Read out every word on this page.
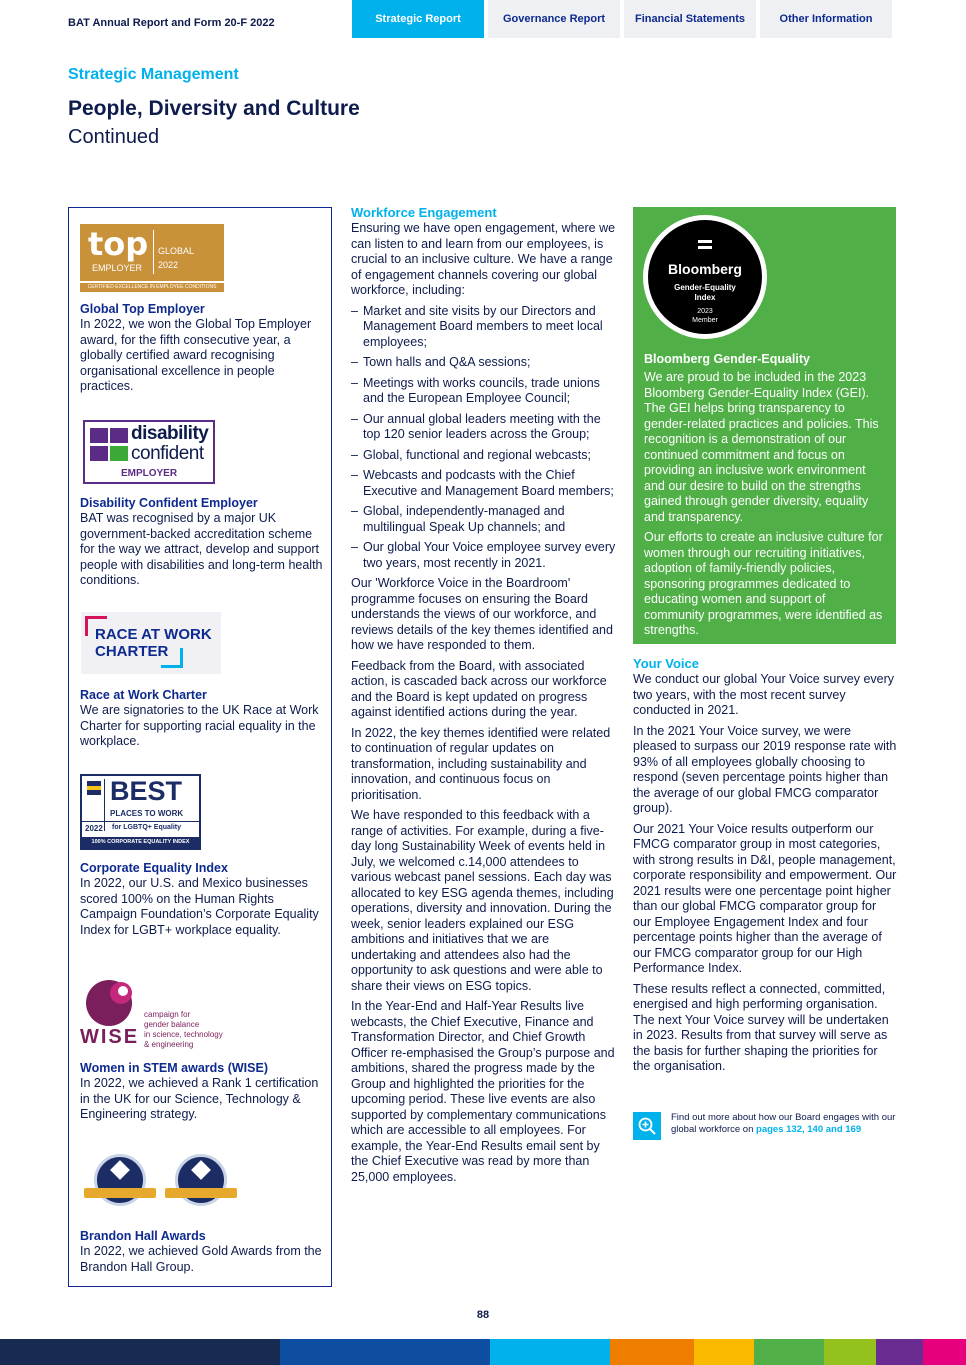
BAT Annual Report and Form 20-F 2022	Strategic Report	Governance Report	Financial Statements	Other Information
Strategic Management
People, Diversity and Culture
Continued
top
EMPLOYER
GLOBAL
2022
CERTIFIED EXCELLENCE IN EMPLOYEE CONDITIONS
Global Top Employer
In 2022, we won the Global Top Employer award, for the fifth consecutive year, a globally certified award recognising organisational excellence in people practices.
disability
confident
EMPLOYER
Disability Confident Employer
BAT was recognised by a major UK government-backed accreditation scheme for the way we attract, develop and support people with disabilities and long-term health conditions.
RACE AT WORK
CHARTER
Race at Work Charter
We are signatories to the UK Race at Work Charter for supporting racial equality in the workplace.
BEST
PLACES TO WORK
2022 for LGBTQ+ Equality
100% CORPORATE EQUALITY INDEX
Corporate Equality Index
In 2022, our U.S. and Mexico businesses scored 100% on the Human Rights Campaign Foundation’s Corporate Equality Index for LGBT+ workplace equality.
WISE
campaign for
gender balance
in science, technology
& engineering
Women in STEM awards (WISE)
In 2022, we achieved a Rank 1 certification in the UK for our Science, Technology & Engineering strategy.
Brandon Hall Awards
In 2022, we achieved Gold Awards from the Brandon Hall Group.
Workforce Engagement

Ensuring we have open engagement, where we can listen to and learn from our employees, is crucial to an inclusive culture. We have a range of engagement channels covering our global workforce, including:

– Market and site visits by our Directors and Management Board members to meet local employees;
– Town halls and Q&A sessions;
– Meetings with works councils, trade unions and the European Employee Council;
– Our annual global leaders meeting with the top 120 senior leaders across the Group;
– Global, functional and regional webcasts;
– Webcasts and podcasts with the Chief Executive and Management Board members;
– Global, independently-managed and multilingual Speak Up channels; and
– Our global Your Voice employee survey every two years, most recently in 2021.

Our 'Workforce Voice in the Boardroom' programme focuses on ensuring the Board understands the views of our workforce, and reviews details of the key themes identified and how we have responded to them.

Feedback from the Board, with associated action, is cascaded back across our workforce and the Board is kept updated on progress against identified actions during the year.

In 2022, the key themes identified were related to continuation of regular updates on transformation, including sustainability and innovation, and continuous focus on prioritisation.

We have responded to this feedback with a range of activities. For example, during a five-day long Sustainability Week of events held in July, we welcomed c.14,000 attendees to various webcast panel sessions. Each day was allocated to key ESG agenda themes, including operations, diversity and innovation. During the week, senior leaders explained our ESG ambitions and initiatives that we are undertaking and attendees also had the opportunity to ask questions and were able to share their views on ESG topics.

In the Year-End and Half-Year Results live webcasts, the Chief Executive, Finance and Transformation Director, and Chief Growth Officer re-emphasised the Group’s purpose and ambitions, shared the progress made by the Group and highlighted the priorities for the upcoming period. These live events are also supported by complementary communications which are accessible to all employees. For example, the Year-End Results email sent by the Chief Executive was read by more than 25,000 employees.

Bloomberg
Gender-Equality
Index
2023
Member
Bloomberg Gender-Equality

We are proud to be included in the 2023 Bloomberg Gender-Equality Index (GEI). The GEI helps bring transparency to gender-related practices and policies. This recognition is a demonstration of our continued commitment and focus on providing an inclusive work environment and our desire to build on the strengths gained through gender diversity, equality and transparency.

Our efforts to create an inclusive culture for women through our recruiting initiatives, adoption of family-friendly policies, sponsoring programmes dedicated to educating women and support of community programmes, were identified as strengths.

Your Voice

We conduct our global Your Voice survey every two years, with the most recent survey conducted in 2021.

In the 2021 Your Voice survey, we were pleased to surpass our 2019 response rate with 93% of all employees globally choosing to respond (seven percentage points higher than the average of our global FMCG comparator group).

Our 2021 Your Voice results outperform our FMCG comparator group in most categories, with strong results in D&I, people management, corporate responsibility and empowerment. Our 2021 results were one percentage point higher than our global FMCG comparator group for our Employee Engagement Index and four percentage points higher than the average of our FMCG comparator group for our High Performance Index.

These results reflect a connected, committed, energised and high performing organisation. The next Your Voice survey will be undertaken in 2023. Results from that survey will serve as the basis for further shaping the priorities for the organisation.

Find out more about how our Board engages with our global workforce on pages 132, 140 and 169
88
